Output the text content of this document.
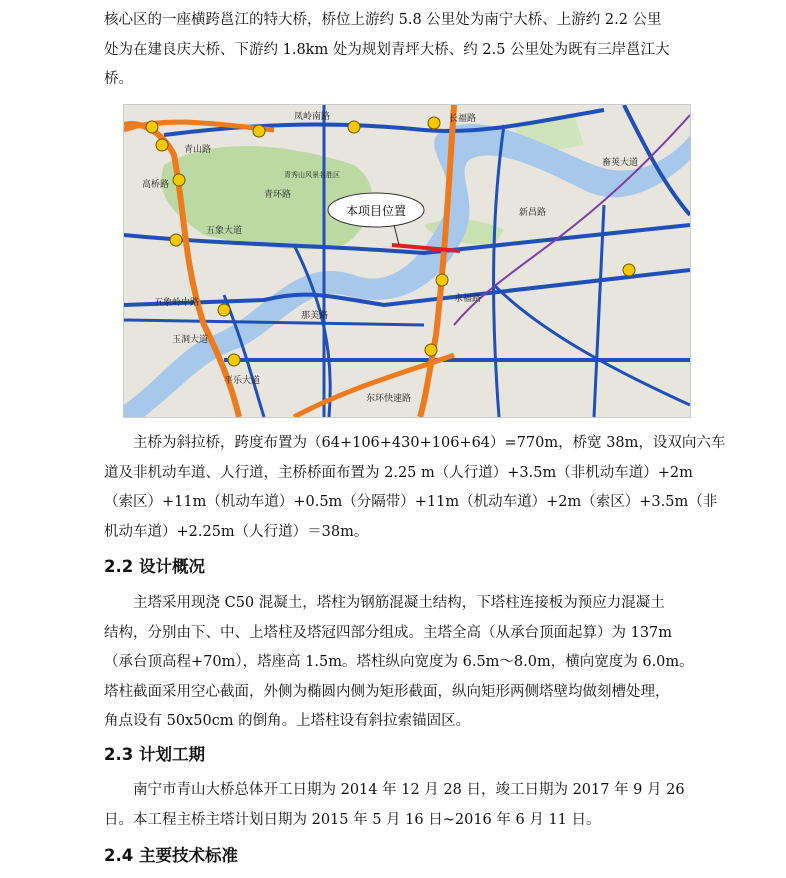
核心区的一座横跨邕江的特大桥，桥位上游约 5.8 公里处为南宁大桥、上游约 2.2 公里
处为在建良庆大桥、下游约 1.8km 处为规划青坪大桥、约 2.5 公里处为既有三岸邕江大
桥。
本项目位置
凤岭南路	长福路
青山路
畜荚大道
高桥路
青环路
新昌路
五象大道
五象岭中路	永福路
那美路
玉洞大道
平乐大道
东环快速路
青秀山风景名胜区
主桥为斜拉桥，跨度布置为（64+106+430+106+64）=770m，桥宽 38m，设双向六车
道及非机动车道、人行道，主桥桥面布置为 2.25 m（人行道）+3.5m（非机动车道）+2m
（索区）+11m（机动车道）+0.5m（分隔带）+11m（机动车道）+2m（索区）+3.5m（非
机动车道）+2.25m（人行道）＝38m。
2.2 设计概况
主塔采用现浇 C50 混凝土，塔柱为钢筋混凝土结构，下塔柱连接板为预应力混凝土
结构，分别由下、中、上塔柱及塔冠四部分组成。主塔全高（从承台顶面起算）为 137m
（承台顶高程+70m），塔座高 1.5m。塔柱纵向宽度为 6.5m～8.0m，横向宽度为 6.0m。
塔柱截面采用空心截面，外侧为椭圆内侧为矩形截面，纵向矩形两侧塔壁均做刻槽处理，
角点设有 50x50cm 的倒角。上塔柱设有斜拉索锚固区。
2.3 计划工期
南宁市青山大桥总体开工日期为 2014 年 12 月 28 日，竣工日期为 2017 年 9 月 26
日。本工程主桥主塔计划日期为 2015 年 5 月 16 日~2016 年 6 月 11 日。
2.4 主要技术标准
